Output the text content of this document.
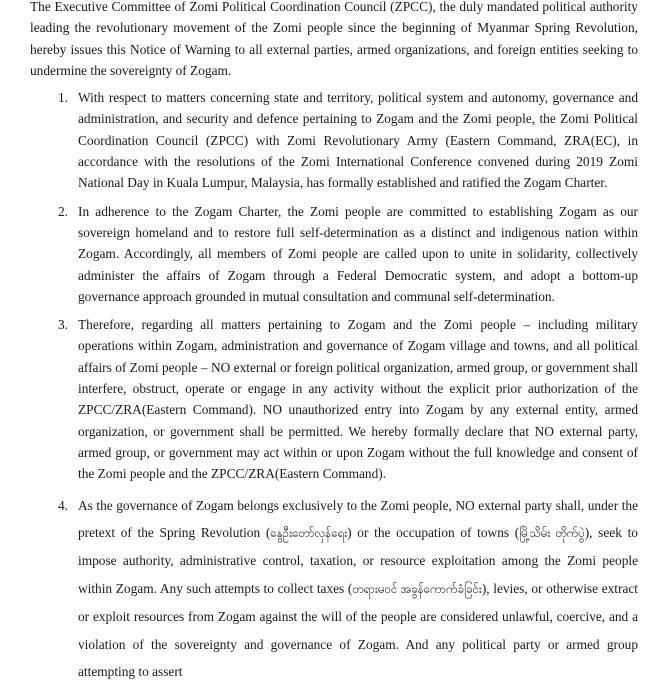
The Executive Committee of Zomi Political Coordination Council (ZPCC), the duly mandated political authority leading the revolutionary movement of the Zomi people since the beginning of Myanmar Spring Revolution, hereby issues this Notice of Warning to all external parties, armed organizations, and foreign entities seeking to undermine the sovereignty of Zogam.

1. With respect to matters concerning state and territory, political system and autonomy, governance and administration, and security and defence pertaining to Zogam and the Zomi people, the Zomi Political Coordination Council (ZPCC) with Zomi Revolutionary Army (Eastern Command, ZRA(EC), in accordance with the resolutions of the Zomi International Conference convened during 2019 Zomi National Day in Kuala Lumpur, Malaysia, has formally established and ratified the Zogam Charter.
2. In adherence to the Zogam Charter, the Zomi people are committed to establishing Zogam as our sovereign homeland and to restore full self-determination as a distinct and indigenous nation within Zogam. Accordingly, all members of Zomi people are called upon to unite in solidarity, collectively administer the affairs of Zogam through a Federal Democratic system, and adopt a bottom-up governance approach grounded in mutual consultation and communal self-determination.
3. Therefore, regarding all matters pertaining to Zogam and the Zomi people – including military operations within Zogam, administration and governance of Zogam village and towns, and all political affairs of Zomi people – NO external or foreign political organization, armed group, or government shall interfere, obstruct, operate or engage in any activity without the explicit prior authorization of the ZPCC/ZRA(Eastern Command). NO unauthorized entry into Zogam by any external entity, armed organization, or government shall be permitted. We hereby formally declare that NO external party, armed group, or government may act within or upon Zogam without the full knowledge and consent of the Zomi people and the ZPCC/ZRA(Eastern Command).
4. As the governance of Zogam belongs exclusively to the Zomi people, NO external party shall, under the pretext of the Spring Revolution (နွေဦးတော်လှန်ရေး) or the occupation of towns (မြို့သိမ်း တိုက်ပွဲ), seek to impose authority, administrative control, taxation, or resource exploitation among the Zomi people within Zogam. Any such attempts to collect taxes (တရားမဝင် အခွန်ကောက်ခံခြင်း), levies, or otherwise extract or exploit resources from Zogam against the will of the people are considered unlawful, coercive, and a violation of the sovereignty and governance of Zogam. And any political party or armed group attempting to assert
